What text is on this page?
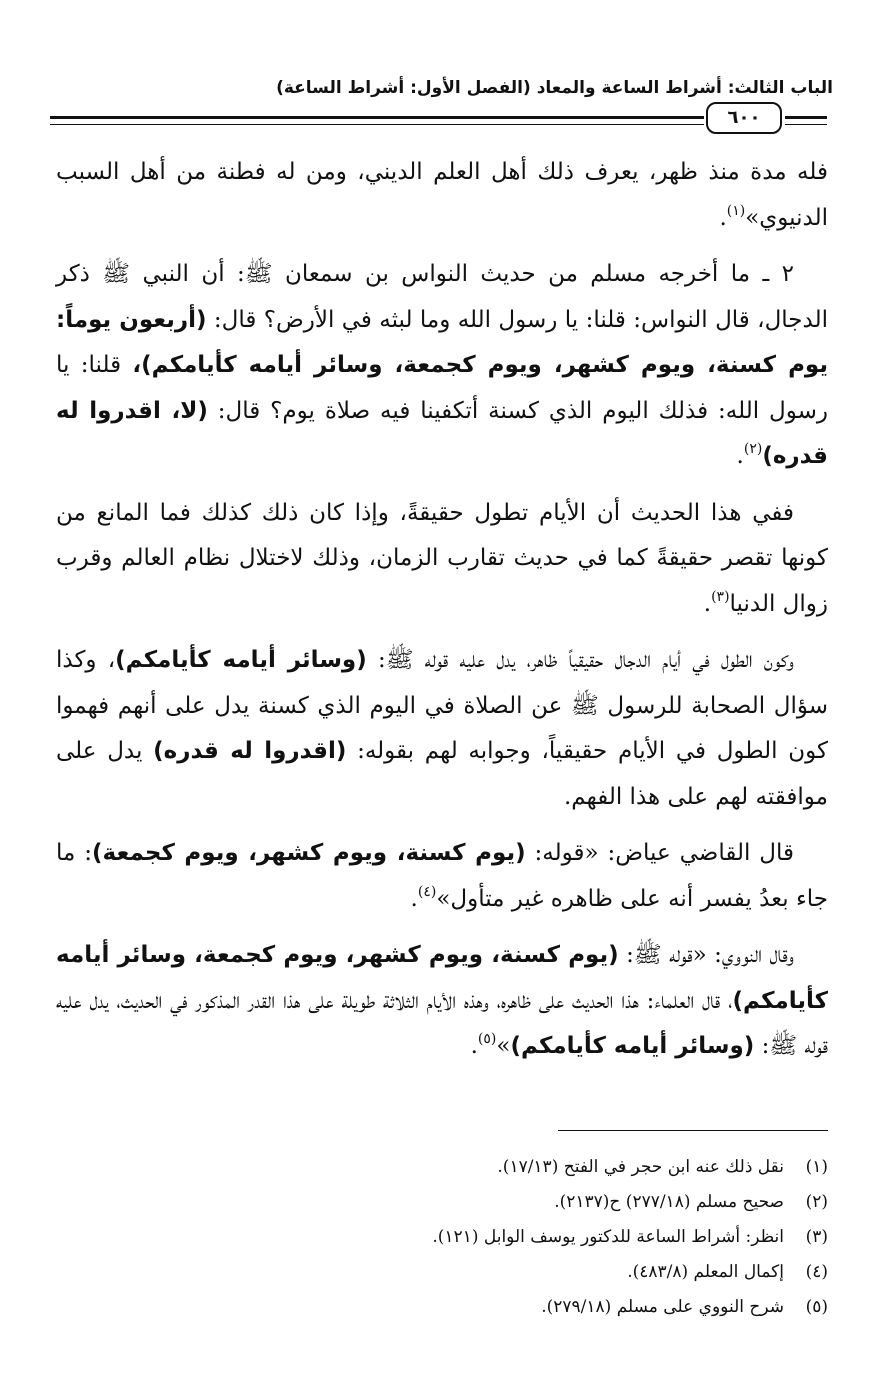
الباب الثالث: أشراط الساعة والمعاد (الفصل الأول: أشراط الساعة)
٦٠٠

فله مدة منذ ظهر، يعرف ذلك أهل العلم الديني، ومن له فطنة من أهل السبب الدنيوي»$^{(١)}$.

٢ ـ ما أخرجه مسلم من حديث النواس بن سمعان ﷺ: أن النبي ﷺ ذكر الدجال، قال النواس: قلنا: يا رسول الله وما لبثه في الأرض؟ قال: (أربعون يوماً: يوم كسنة، ويوم كشهر، ويوم كجمعة، وسائر أيامه كأيامكم)، قلنا: يا رسول الله: فذلك اليوم الذي كسنة أتكفينا فيه صلاة يوم؟ قال: (لا، اقدروا له قدره)$^{(٢)}$.

ففي هذا الحديث أن الأيام تطول حقيقةً، وإذا كان ذلك كذلك فما المانع من كونها تقصر حقيقةً كما في حديث تقارب الزمان، وذلك لاختلال نظام العالم وقرب زوال الدنيا$^{(٣)}$.

وكون الطول في أيام الدجال حقيقياً ظاهر، يدل عليه قوله ﷺ: (وسائر أيامه كأيامكم)، وكذا سؤال الصحابة للرسول ﷺ عن الصلاة في اليوم الذي كسنة يدل على أنهم فهموا كون الطول في الأيام حقيقياً، وجوابه لهم بقوله: (اقدروا له قدره) يدل على موافقته لهم على هذا الفهم.

قال القاضي عياض: «قوله: (يوم كسنة، ويوم كشهر، ويوم كجمعة): ما جاء بعدُ يفسر أنه على ظاهره غير متأول»$^{(٤)}$.

وقال النووي: «قوله ﷺ: (يوم كسنة، ويوم كشهر، ويوم كجمعة، وسائر أيامه كأيامكم)، قال العلماء: هذا الحديث على ظاهره، وهذه الأيام الثلاثة طويلة على هذا القدر المذكور في الحديث، يدل عليه قوله ﷺ: (وسائر أيامه كأيامكم)»$^{(٥)}$.

(١)
نقل ذلك عنه ابن حجر في الفتح (١٧/١٣).
(٢)
صحيح مسلم (٢٧٧/١٨) ح(٢١٣٧).
(٣)
انظر: أشراط الساعة للدكتور يوسف الوابل (١٢١).
(٤)
إكمال المعلم (٤٨٣/٨).
(٥)
شرح النووي على مسلم (٢٧٩/١٨).
